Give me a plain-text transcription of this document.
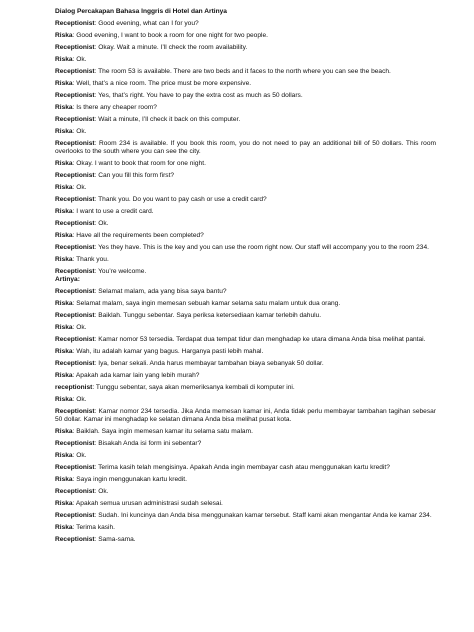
Dialog Percakapan Bahasa Inggris di Hotel dan Artinya
Receptionist: Good evening, what can I for you?
Riska: Good evening, I want to book a room for one night for two people.
Receptionist: Okay. Wait a minute. I’ll check the room availability.
Riska: Ok.
Receptionist: The room 53 is available. There are two beds and it faces to the north where you can see the beach.
Riska: Well, that’s a nice room. The price must be more expensive.
Receptionist: Yes, that’s right. You have to pay the extra cost as much as 50 dollars.
Riska: Is there any cheaper room?
Receptionist: Wait a minute, I’ll check it back on this computer.
Riska: Ok.
Receptionist: Room 234 is available. If you book this room, you do not need to pay an additional bill of 50 dollars. This room overlooks to the south where you can see the city.
Riska: Okay. I want to book that room for one night.
Receptionist: Can you fill this form first?
Riska: Ok.
Receptionist: Thank you. Do you want to pay cash or use a credit card?
Riska: I want to use a credit card.
Receptionist: Ok.
Riska: Have all the requirements been completed?
Receptionist: Yes they have. This is the key and you can use the room right now. Our staff will accompany you to the room 234.
Riska: Thank you.
Receptionist: You’re welcome.
Artinya:
Receptionist: Selamat malam, ada yang bisa saya bantu?
Riska: Selamat malam, saya ingin memesan sebuah kamar selama satu malam untuk dua orang.
Receptionist: Baiklah. Tunggu sebentar. Saya periksa ketersediaan kamar terlebih dahulu.
Riska: Ok.
Receptionist: Kamar nomor 53 tersedia. Terdapat dua tempat tidur dan menghadap ke utara dimana Anda bisa melihat pantai.
Riska: Wah, itu adalah kamar yang bagus. Harganya pasti lebih mahal.
Receptionist: Iya, benar sekali. Anda harus membayar tambahan biaya sebanyak 50 dollar.
Riska: Apakah ada kamar lain yang lebih murah?
receptionist: Tunggu sebentar, saya akan memeriksanya kembali di komputer ini.
Riska: Ok.
Receptionist: Kamar nomor 234 tersedia. Jika Anda memesan kamar ini, Anda tidak perlu membayar tambahan tagihan sebesar 50 dollar. Kamar ini menghadap ke selatan dimana Anda bisa melihat pusat kota.
Riska: Baiklah. Saya ingin memesan kamar itu selama satu malam.
Receptionist: Bisakah Anda isi form ini sebentar?
Riska: Ok.
Receptionist: Terima kasih telah mengisinya. Apakah Anda ingin membayar cash atau menggunakan kartu kredit?
Riska: Saya ingin menggunakan kartu kredit.
Receptionist: Ok.
Riska: Apakah semua urusan administrasi sudah selesai.
Receptionist: Sudah. Ini kuncinya dan Anda bisa menggunakan kamar tersebut. Staff kami akan mengantar Anda ke kamar 234.
Riska: Terima kasih.
Receptionist: Sama-sama.
